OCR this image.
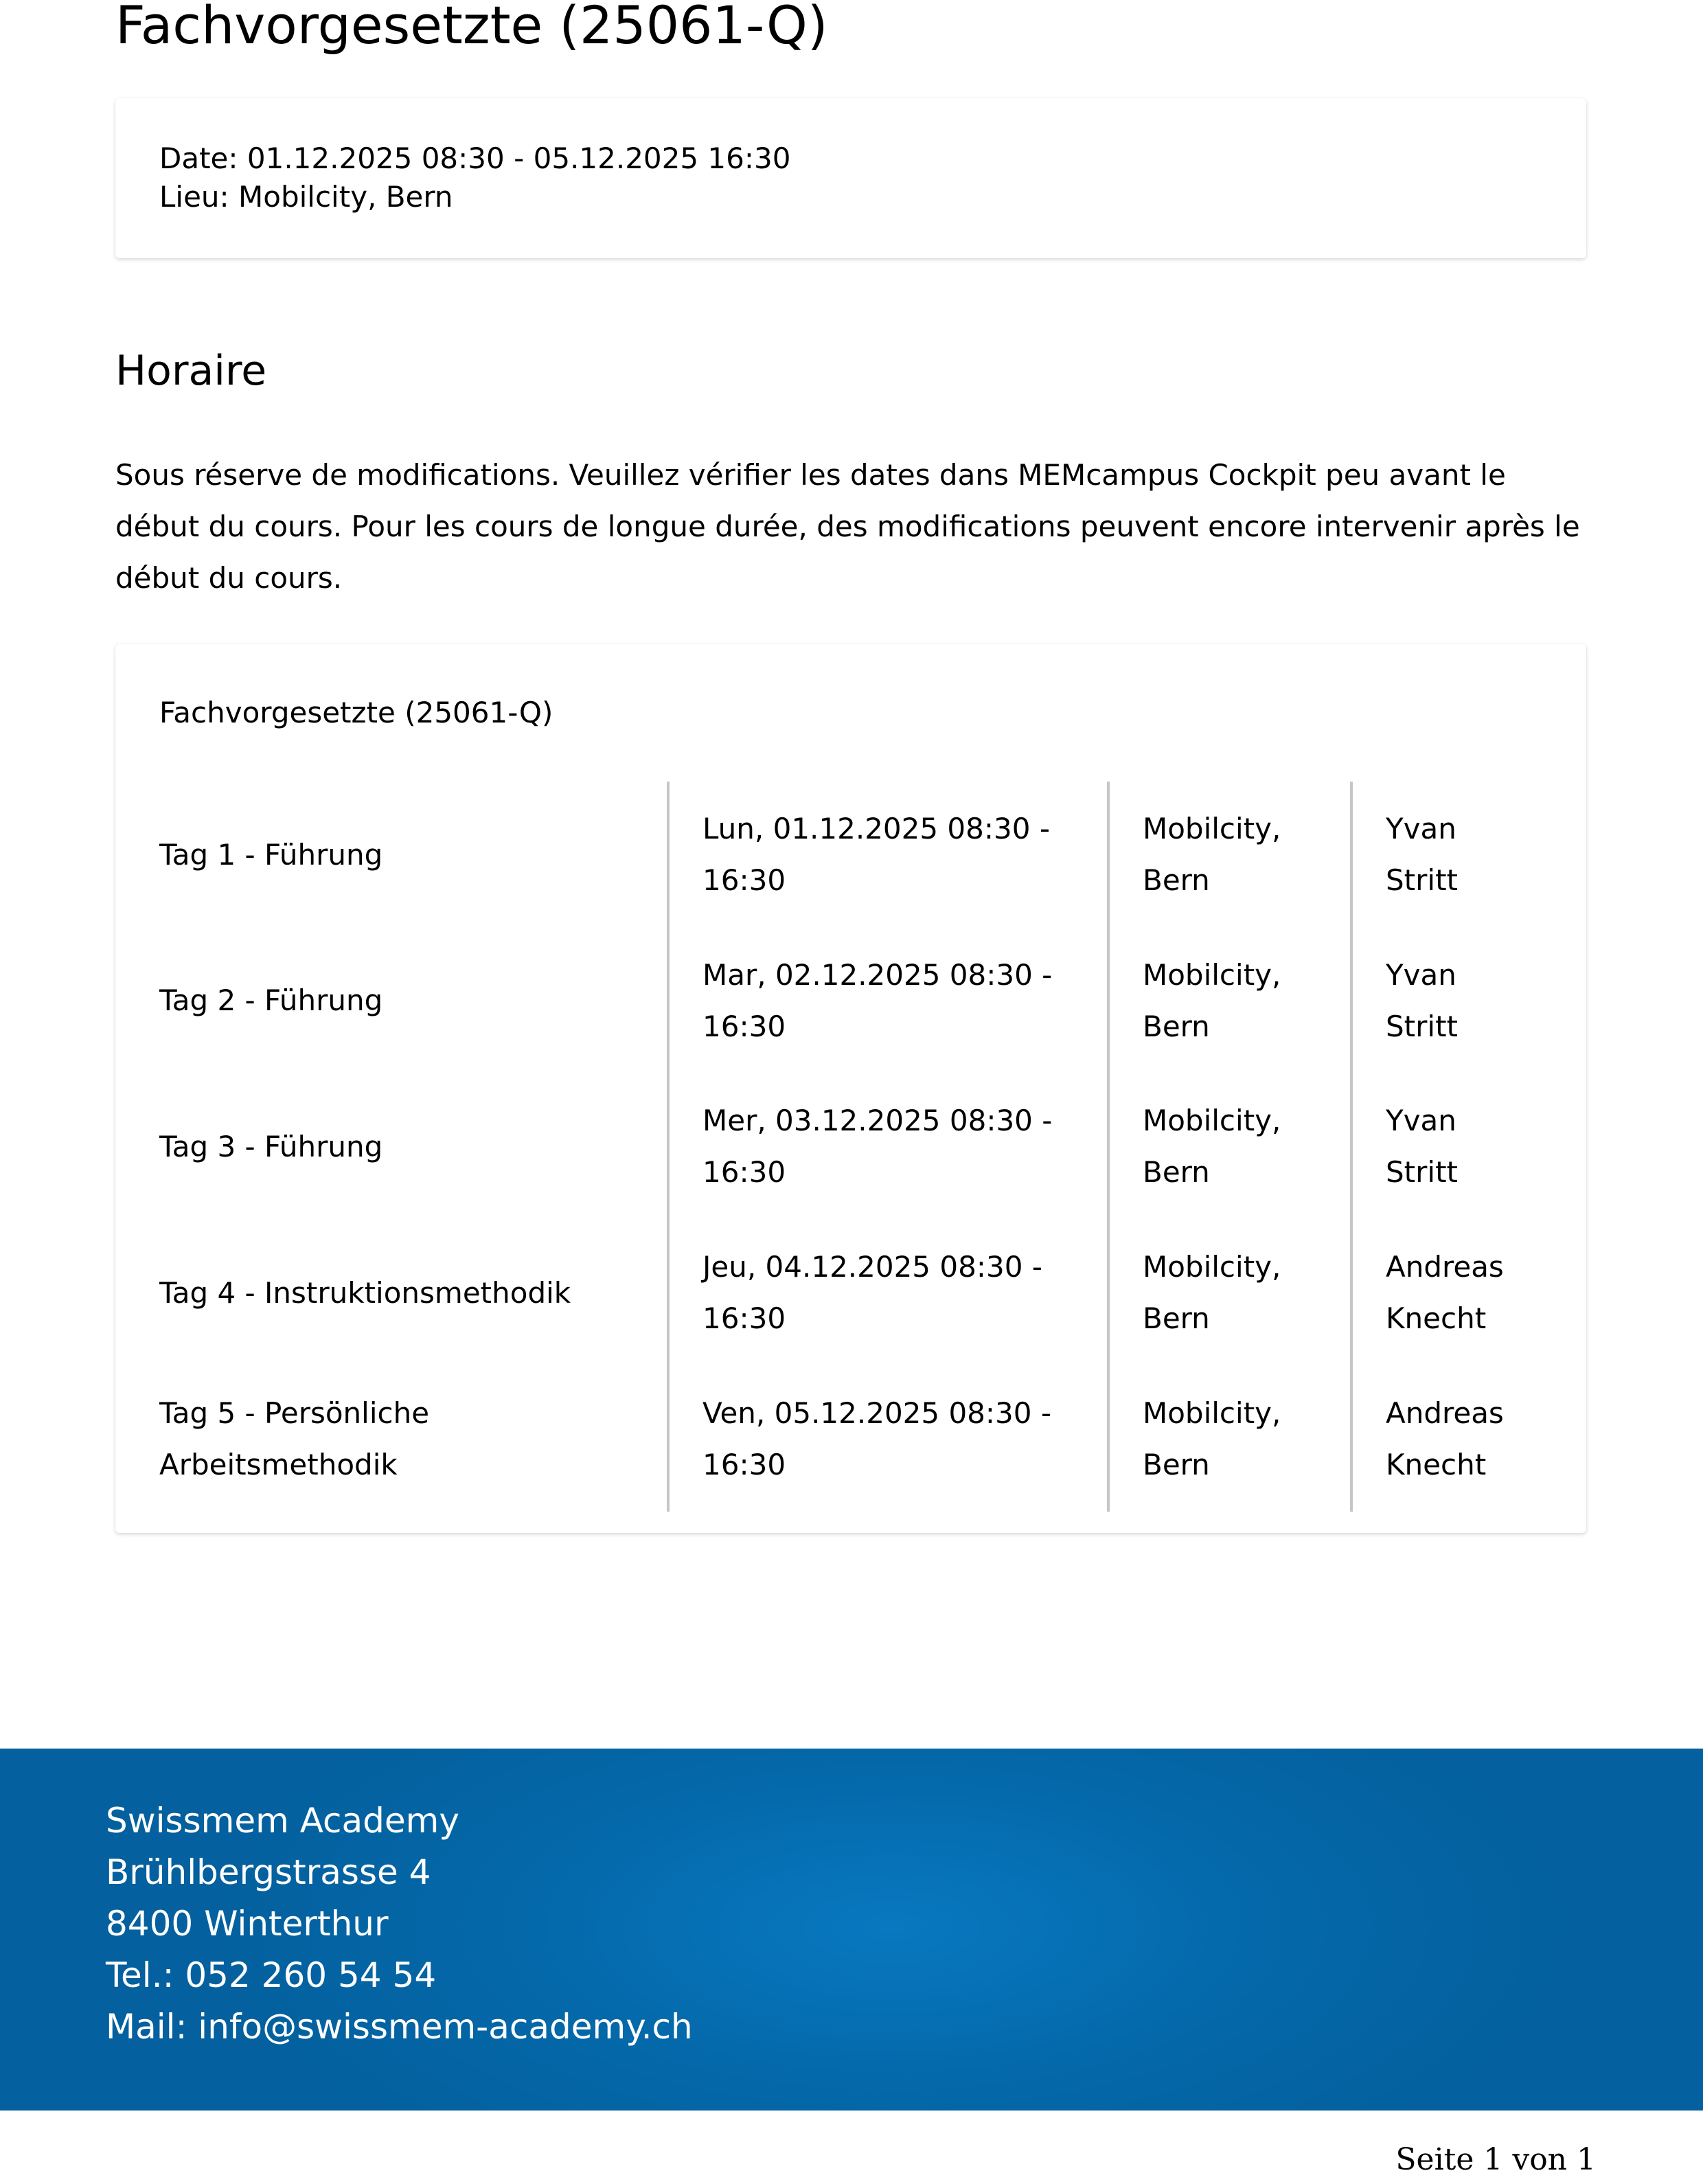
Fachvorgesetzte (25061-Q)
Date: 01.12.2025 08:30 - 05.12.2025 16:30
Lieu: Mobilcity, Bern
Horaire

Sous réserve de modifications. Veuillez vérifier les dates dans MEMcampus Cockpit peu avant le début du cours. Pour les cours de longue durée, des modifications peuvent encore intervenir après le début du cours.

Fachvorgesetzte (25061-Q)
Tag 1 - Führung	Lun, 01.12.2025 08:30 - 16:30	Mobilcity, Bern	Yvan Stritt
Tag 2 - Führung	Mar, 02.12.2025 08:30 - 16:30	Mobilcity, Bern	Yvan Stritt
Tag 3 - Führung	Mer, 03.12.2025 08:30 - 16:30	Mobilcity, Bern	Yvan Stritt
Tag 4 - Instruktionsmethodik	Jeu, 04.12.2025 08:30 - 16:30	Mobilcity, Bern	Andreas Knecht
Tag 5 - Persönliche Arbeitsmethodik	Ven, 05.12.2025 08:30 - 16:30	Mobilcity, Bern	Andreas Knecht
Swissmem Academy
Brühlbergstrasse 4
8400 Winterthur
Tel.: 052 260 54 54
Mail: info@swissmem-academy.ch
Seite 1 von 1
